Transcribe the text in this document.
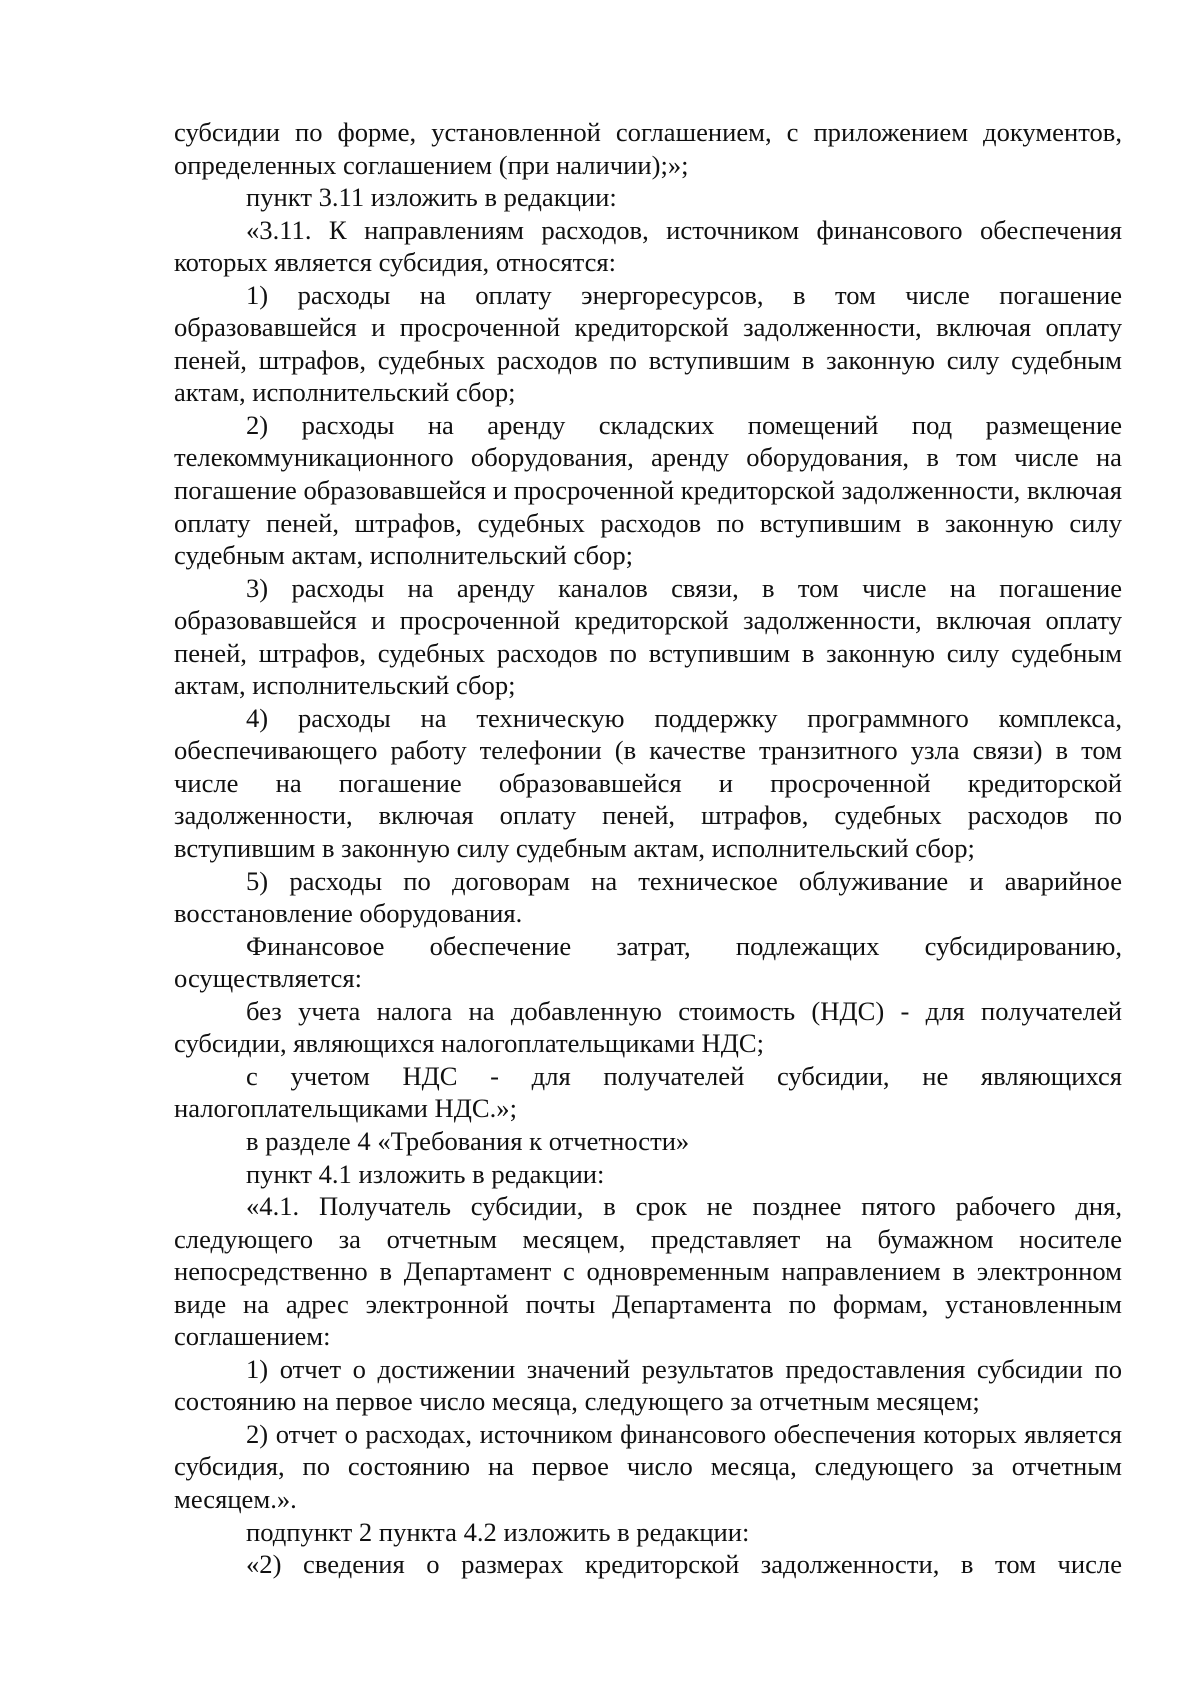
субсидии по форме, установленной соглашением, с приложением документов, определенных соглашением (при наличии);»;

пункт 3.11 изложить в редакции:

«3.11. К направлениям расходов, источником финансового обеспечения которых является субсидия, относятся:

1) расходы на оплату энергоресурсов, в том числе погашение образовавшейся и просроченной кредиторской задолженности, включая оплату пеней, штрафов, судебных расходов по вступившим в законную силу судебным актам, исполнительский сбор;

2) расходы на аренду складских помещений под размещение телекоммуникационного оборудования, аренду оборудования, в том числе на погашение образовавшейся и просроченной кредиторской задолженности, включая оплату пеней, штрафов, судебных расходов по вступившим в законную силу судебным актам, исполнительский сбор;

3) расходы на аренду каналов связи, в том числе на погашение образовавшейся и просроченной кредиторской задолженности, включая оплату пеней, штрафов, судебных расходов по вступившим в законную силу судебным актам, исполнительский сбор;

4) расходы на техническую поддержку программного комплекса, обеспечивающего работу телефонии (в качестве транзитного узла связи) в том числе на погашение образовавшейся и просроченной кредиторской задолженности, включая оплату пеней, штрафов, судебных расходов по вступившим в законную силу судебным актам, исполнительский сбор;

5) расходы по договорам на техническое облуживание и аварийное восстановление оборудования.

Финансовое обеспечение затрат, подлежащих субсидированию, осуществляется:

без учета налога на добавленную стоимость (НДС) - для получателей субсидии, являющихся налогоплательщиками НДС;

с учетом НДС - для получателей субсидии, не являющихся налогоплательщиками НДС.»;

в разделе 4 «Требования к отчетности»

пункт 4.1 изложить в редакции:

«4.1. Получатель субсидии, в срок не позднее пятого рабочего дня, следующего за отчетным месяцем, представляет на бумажном носителе непосредственно в Департамент с одновременным направлением в электронном виде на адрес электронной почты Департамента по формам, установленным соглашением:

1) отчет о достижении значений результатов предоставления субсидии по состоянию на первое число месяца, следующего за отчетным месяцем;

2) отчет о расходах, источником финансового обеспечения которых является субсидия, по состоянию на первое число месяца, следующего за отчетным месяцем.».

подпункт 2 пункта 4.2 изложить в редакции:

«2) сведения о размерах кредиторской задолженности, в том числе
